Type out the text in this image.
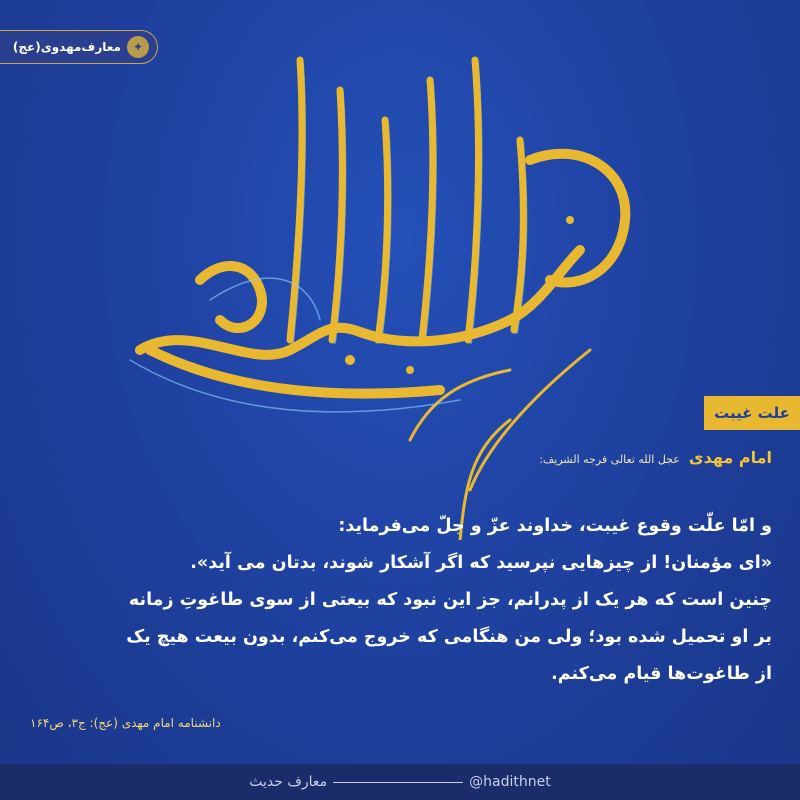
معارف‌مهدوی(عج) ✦
علت غیبت
امام مهدی عجل الله تعالی فرجه الشریف:
و امّا علّت وقوع غیبت، خداوند عزّ و جلّ می‌فرماید:
«ای مؤمنان! از چیزهایی نپرسید که اگر آشکار شوند، بدتان می آید».
چنین است که هر یک از پدرانم، جز این نبود که بیعتی از سوی طاغوتِ زمانه
بر او تحمیل شده بود؛ ولی من هنگامی که خروج می‌کنم، بدون بیعت هیچ یک
از طاغوت‌ها قیام می‌کنم.
دانشنامه امام مهدی (عج): ج۳، ص۱۶۴
معارف حدیث	@hadithnet
